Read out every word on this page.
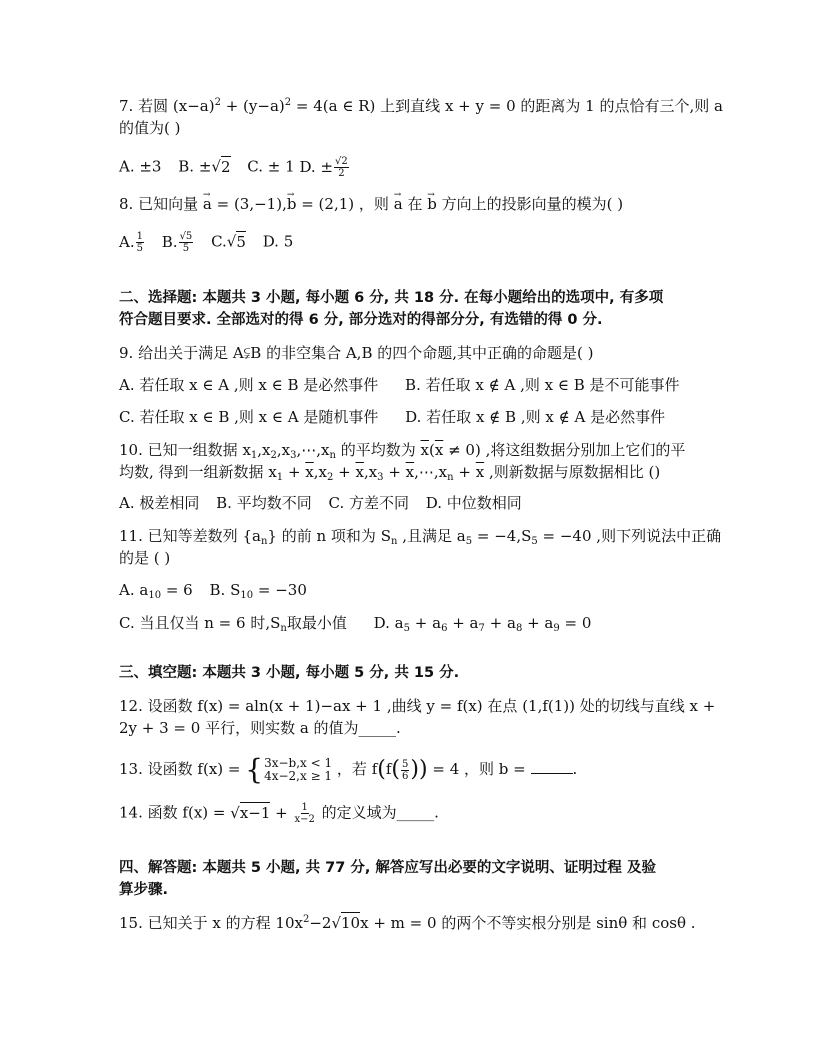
7. 若圆 $(x-a)^2 + (y-a)^2 = 4(a$ ∈ R) 上到直线 x + y = 0 的距离为 1 的点恰有三个,则 a
的值为( )
A. ±3 B. ±√2 C. ± 1 D. ± $\frac{√2}{2}$
8. 已知向量 → a = (3,−1),→ b = (2,1) ，则 → a 在 → b 方向上的投影向量的模为( )
A. $\frac{1}{5} B$. $\frac{√5}{5} C.√5$ D. 5
二、选择题: 本题共 3 小题, 每小题 6 分, 共 18 分. 在每小题给出的选项中, 有多项
符合题目要求. 全部选对的得 6 分, 部分选对的得部分分, 有选错的得 0 分.
9. 给出关于满足 A⫋B 的非空集合 A,B 的四个命题,其中正确的命题是( )
A. 若任取 x ∈ A ,则 x ∈ B 是必然事件 B. 若任取 x ∉ A ,则 x ∈ B 是不可能事件
C. 若任取 x ∈ B ,则 x ∈ A 是随机事件 D. 若任取 x ∉ B ,则 x ∉ A 是必然事件
10. 已知一组数据 $x_1,x_2,x_3,\cdots,x_n$ 的平均数为 $\overline{x}(\overline{x} \ne 0)$ ,将这组数据分别加上它们的平
均数, 得到一组新数据 $x_1 + \overline{x},x_2 + \overline{x},x_3$ + $\overline{x},\cdots,x_n + \overline{x}$ ,则新数据与原数据相比 ()
A. 极差相同 B. 平均数不同 C. 方差不同 D. 中位数相同
11. 已知等差数列 $\{a_n\}$ 的前 n 项和为 $S_n$ ,且满足 $a_5 = -4,S_5 = -40$ ,则下列说法中正确
的是 ( )
A. $a_{10} = 6$ B. $S_{10} = -30$
C. 当且仅当 n = 6 时$,S_n$取最小值 D. $a_5 + a_6 + a_7 + a_8 + a_9 = 0$
三、填空题: 本题共 3 小题, 每小题 5 分, 共 15 分.
12. 设函数 f(x) = aln(x + 1)−ax + 1 ,曲线 y = f(x) 在点 (1,f(1)) 处的切线与直线 x +
2y + 3 = 0 平行，则实数 a 的值为_____.
13. 设函数 f(x) = { 3x−b,x < 1
4x−2,x ≥ 1 ，若 $f(f( \frac{5}{6}$ )) = 4 ，则 b =	.
14. 函数 $f(x) = √x-1 + \frac{1}{x-2}$ 的定义域为_____.
四、解答题: 本题共 5 小题, 共 77 分, 解答应写出必要的文字说明、证明过程 及验
算步骤.
15. 已知关于 x 的方程 $10x^2-2√10x + m = 0$ 的两个不等实根分别是 sinθ 和 cosθ .
